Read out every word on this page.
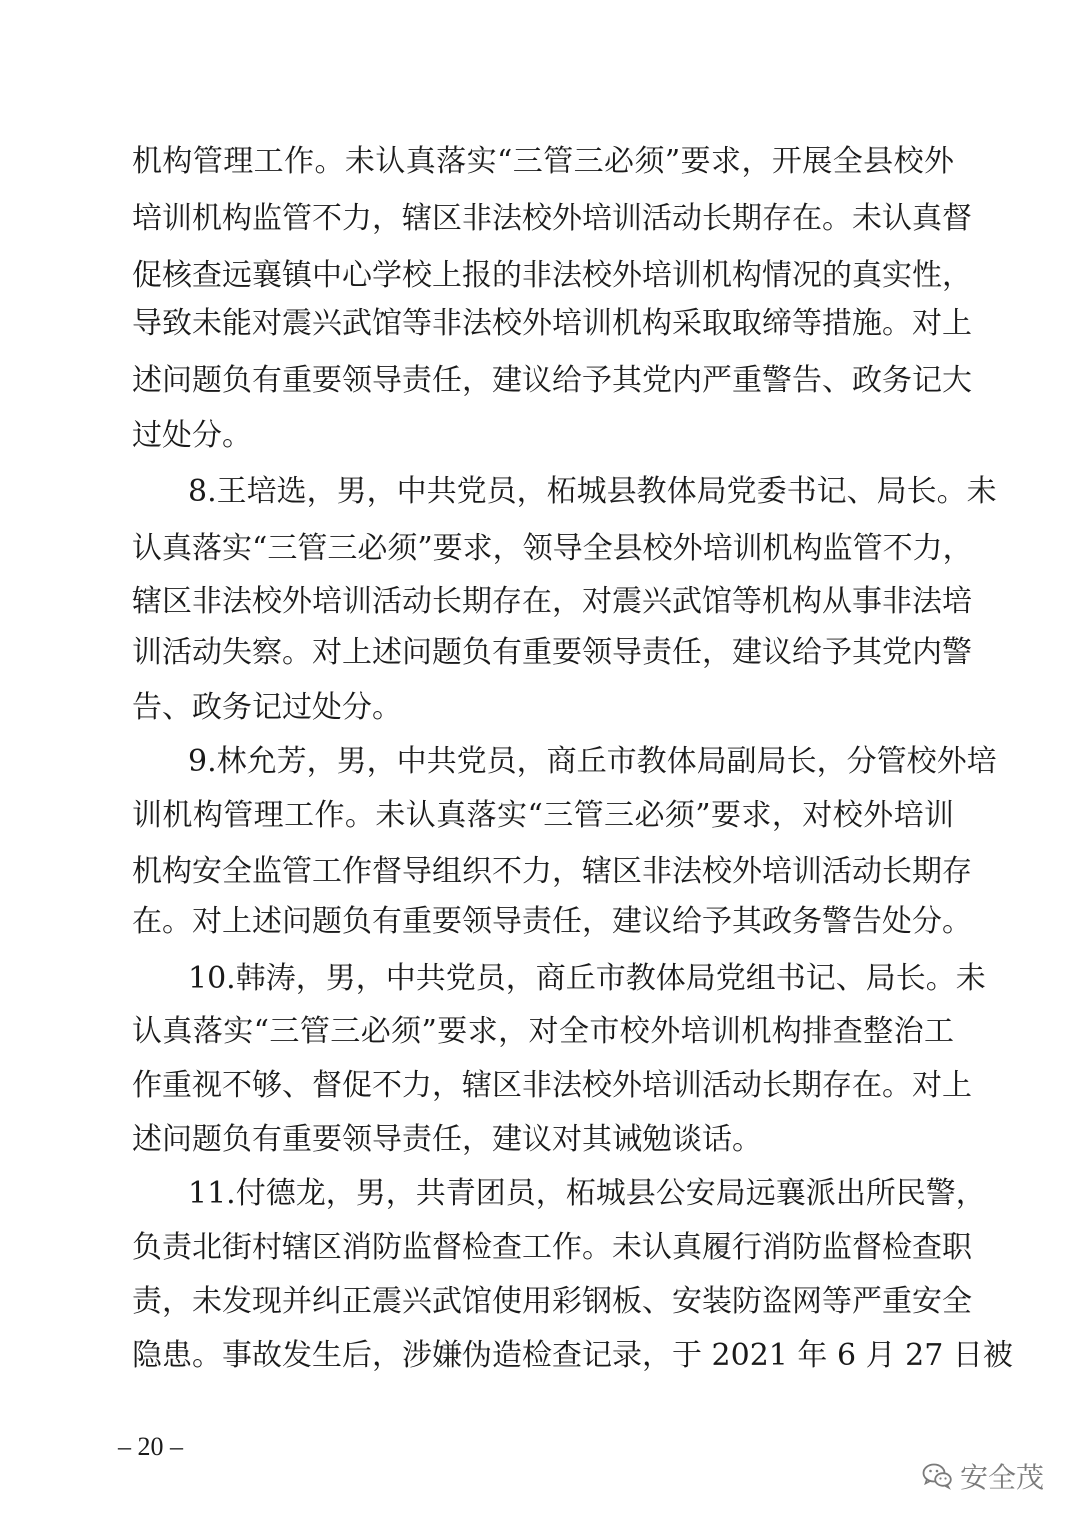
机构管理工作。未认真落实“三管三必须”要求，开展全县校外
培训机构监管不力，辖区非法校外培训活动长期存在。未认真督
促核查远襄镇中心学校上报的非法校外培训机构情况的真实性，
导致未能对震兴武馆等非法校外培训机构采取取缔等措施。对上
述问题负有重要领导责任，建议给予其党内严重警告、政务记大
过处分。
8.王培选，男，中共党员，柘城县教体局党委书记、局长。未
认真落实“三管三必须”要求，领导全县校外培训机构监管不力，
辖区非法校外培训活动长期存在，对震兴武馆等机构从事非法培
训活动失察。对上述问题负有重要领导责任，建议给予其党内警
告、政务记过处分。
9.林允芳，男，中共党员，商丘市教体局副局长，分管校外培
训机构管理工作。未认真落实“三管三必须”要求，对校外培训
机构安全监管工作督导组织不力，辖区非法校外培训活动长期存
在。对上述问题负有重要领导责任，建议给予其政务警告处分。
10.韩涛，男，中共党员，商丘市教体局党组书记、局长。未
认真落实“三管三必须”要求，对全市校外培训机构排查整治工
作重视不够、督促不力，辖区非法校外培训活动长期存在。对上
述问题负有重要领导责任，建议对其诫勉谈话。
11.付德龙，男，共青团员，柘城县公安局远襄派出所民警，
负责北街村辖区消防监督检查工作。未认真履行消防监督检查职
责，未发现并纠正震兴武馆使用彩钢板、安装防盗网等严重安全
隐患。事故发生后，涉嫌伪造检查记录，于 2021 年 6 月 27 日被
– 20 –
安全茂
